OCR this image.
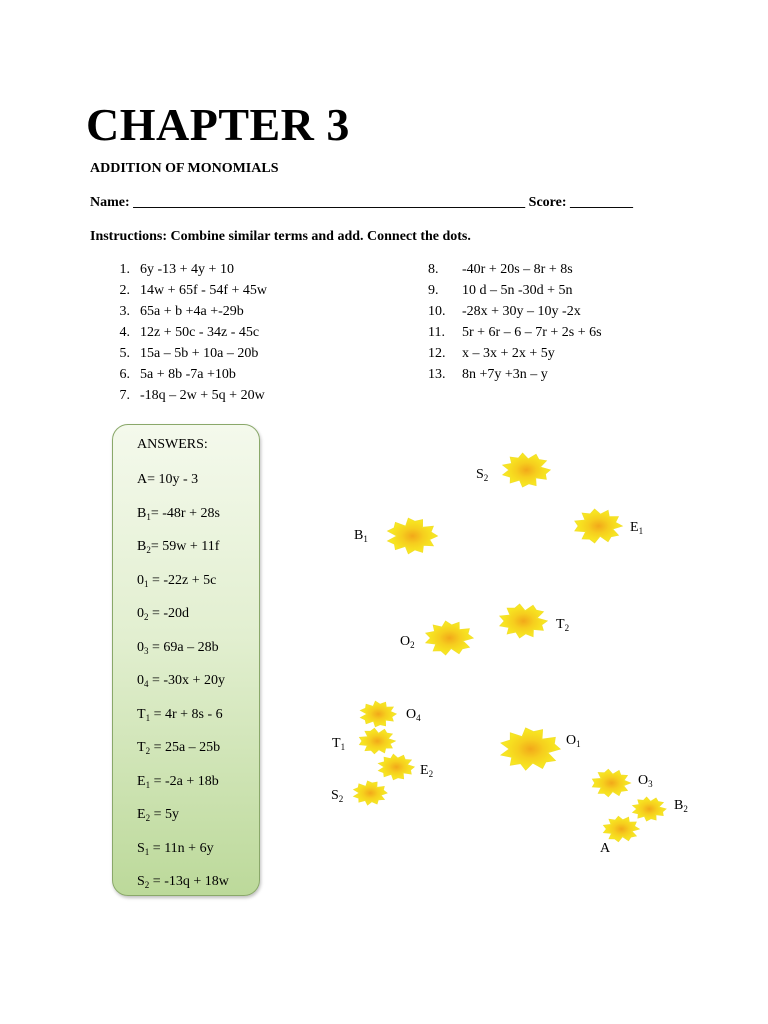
CHAPTER 3
ADDITION OF MONOMIALS
Name: ________________________________________________________ Score: _________
Instructions: Combine similar terms and add. Connect the dots.
1. 6y -13 + 4y + 10
2. 14w + 65f - 54f + 45w
3. 65a + b +4a +-29b
4. 12z + 50c - 34z - 45c
5. 15a – 5b + 10a – 20b
6. 5a + 8b -7a +10b
7. -18q – 2w + 5q + 20w
8. -40r + 20s – 8r + 8s
9. 10 d – 5n -30d + 5n
10. -28x + 30y – 10y -2x
11. 5r + 6r – 6 – 7r + 2s + 6s
12. x – 3x + 2x + 5y
13. 8n +7y +3n – y
ANSWERS:
A= 10y - 3
$B_1= -48r + 28s$
$B_2= 59w + 11f$
$0_1 = -22z + 5c$
$0_2 = -20d$
$0_3 = 69a - 28b$
$0_4 = -30x + 20y$
$T_1 = 4r + 8s - 6$
$T_2 = 25a - 25b$
$E_1 = -2a + 18b$
$E_2 = 5y$
$S_1 = 11n + 6y$
$S_2 = -13q + 18w$
$S_2$
$E_1$
$B_1$
$T_2$
$O_2$
$O_4$
$T_1$	$O_1$
$E_2$	$O_3$
$S_2$	$B_2$
A
